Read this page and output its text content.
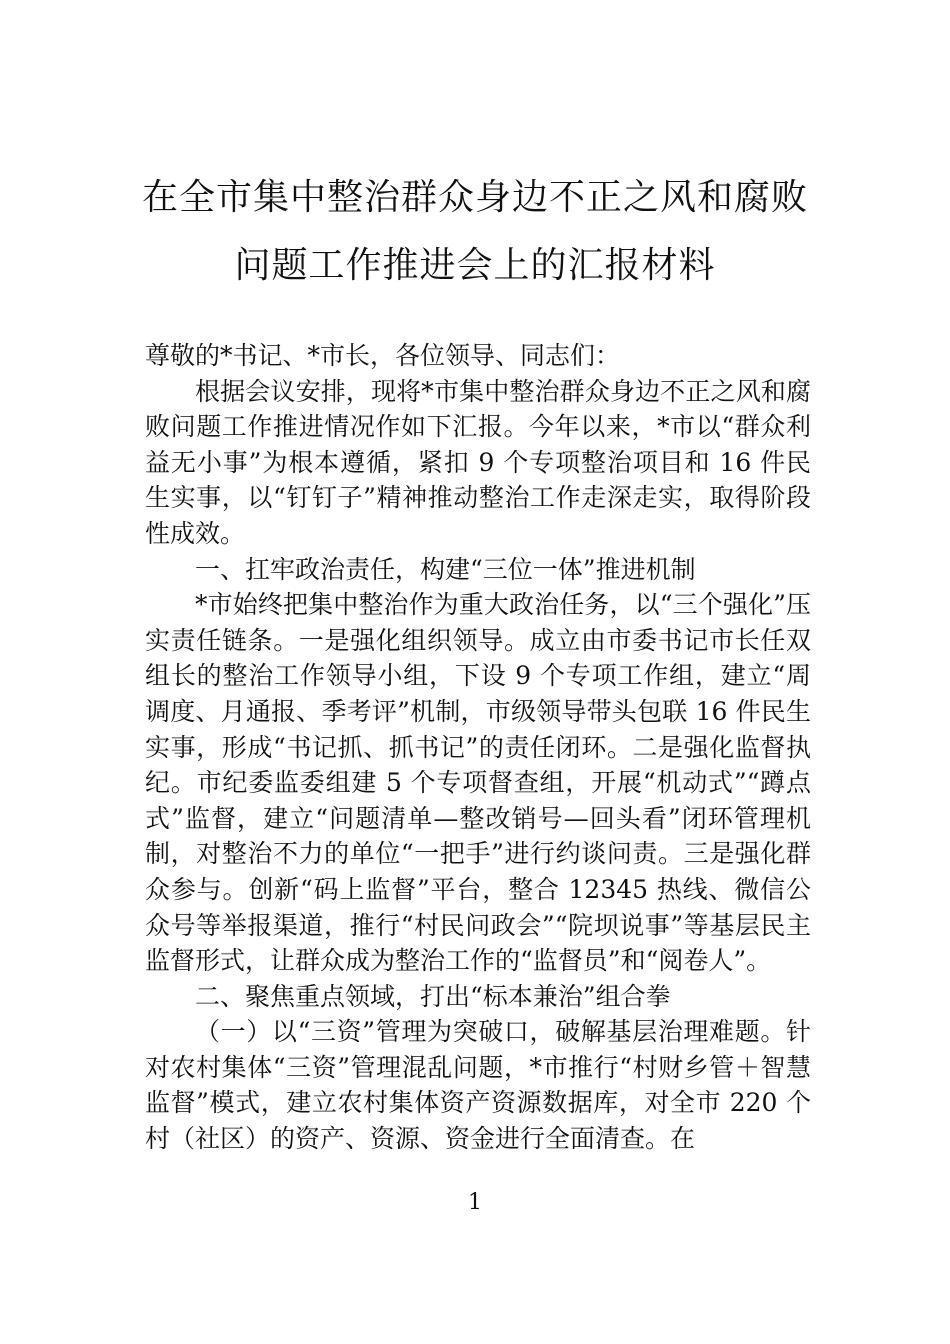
在全市集中整治群众身边不正之风和腐败
问题工作推进会上的汇报材料

尊敬的*书记、*市长，各位领导、同志们：

根据会议安排，现将*市集中整治群众身边不正之风和腐败问题工作推进情况作如下汇报。今年以来，*市以“群众利益无小事”为根本遵循，紧扣 9 个专项整治项目和 16 件民生实事，以“钉钉子”精神推动整治工作走深走实，取得阶段性成效。

一、扛牢政治责任，构建“三位一体”推进机制

*市始终把集中整治作为重大政治任务，以“三个强化”压实责任链条。一是强化组织领导。成立由市委书记市长任双组长的整治工作领导小组，下设 9 个专项工作组，建立“周调度、月通报、季考评”机制，市级领导带头包联 16 件民生实事，形成“书记抓、抓书记”的责任闭环。二是强化监督执纪。市纪委监委组建 5 个专项督查组，开展“机动式”“蹲点式”监督，建立“问题清单—整改销号—回头看”闭环管理机制，对整治不力的单位“一把手”进行约谈问责。三是强化群众参与。创新“码上监督”平台，整合 12345 热线、微信公众号等举报渠道，推行“村民问政会”“院坝说事”等基层民主监督形式，让群众成为整治工作的“监督员”和“阅卷人”。

二、聚焦重点领域，打出“标本兼治”组合拳

（一）以“三资”管理为突破口，破解基层治理难题。针对农村集体“三资”管理混乱问题，*市推行“村财乡管＋智慧监督”模式，建立农村集体资产资源数据库，对全市 220 个村（社区）的资产、资源、资金进行全面清查。在

1
